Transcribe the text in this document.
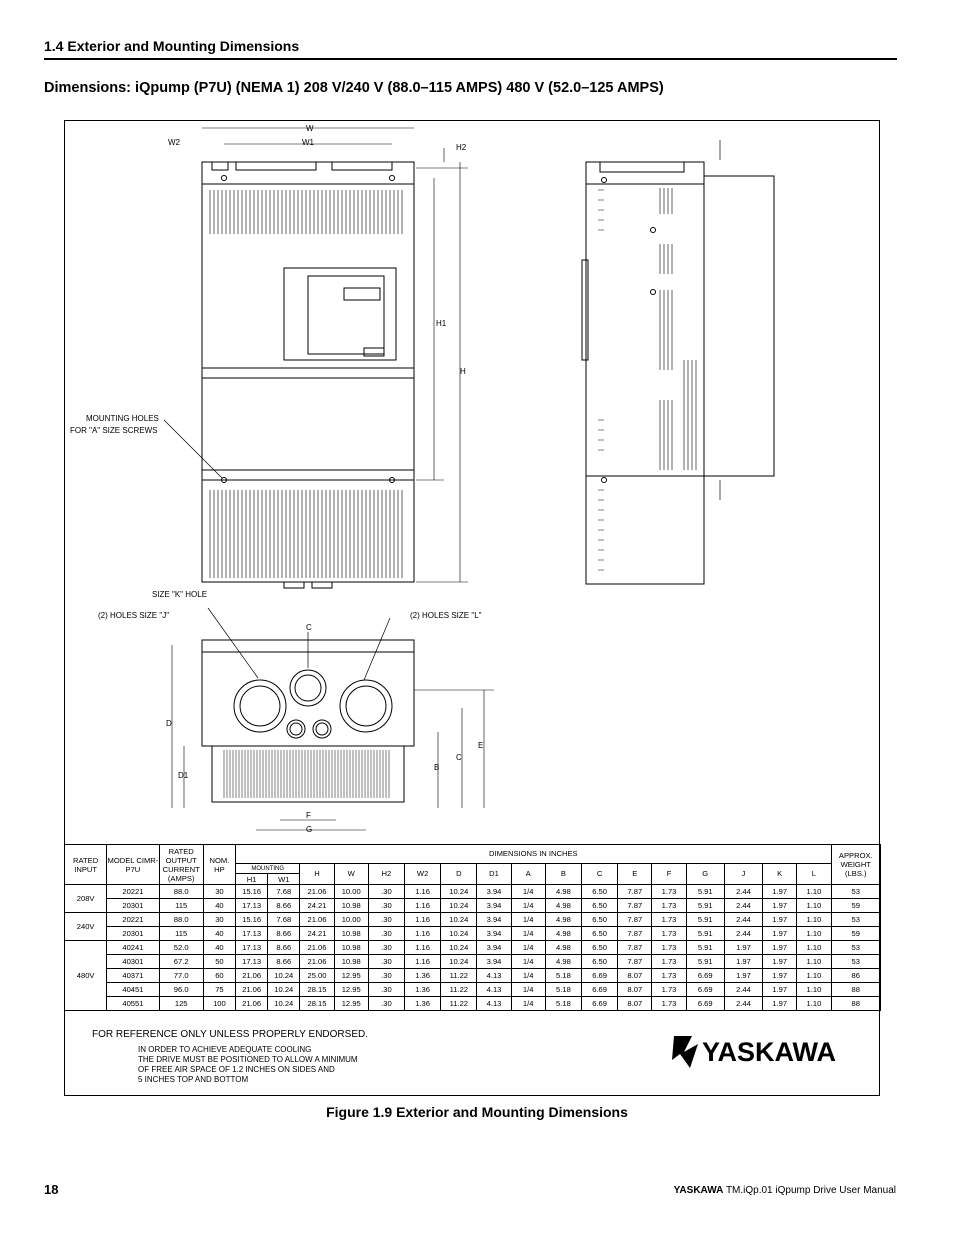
1.4 Exterior and Mounting Dimensions
Dimensions: iQpump (P7U) (NEMA 1) 208 V/240 V (88.0–115 AMPS) 480 V (52.0–125 AMPS)
W
W1
W2
H2
H1
H
MOUNTING HOLES
FOR "A" SIZE SCREWS
SIZE "K" HOLE
(2) HOLES SIZE "J"	(2) HOLES SIZE "L"
C
D
D1
B
C
E
F
G
RATED INPUT	MODEL CIMR-P7U	RATED OUTPUT CURRENT (AMPS)	NOM. HP	DIMENSIONS IN INCHES																	APPROX. WEIGHT (LBS.)
				MOUNTING		H	W	H2	W2	D	D1	A	B	C	E	F	G	J	K	L	
				H1	W1																
208V	20221	88.0	30	15.16	7.68	21.06	10.00	.30	1.16	10.24	3.94	1/4	4.98	6.50	7.87	1.73	5.91	2.44	1.97	1.10	53
	20301	115	40	17.13	8.66	24.21	10.98	.30	1.16	10.24	3.94	1/4	4.98	6.50	7.87	1.73	5.91	2.44	1.97	1.10	59
240V	20221	88.0	30	15.16	7.68	21.06	10.00	.30	1.16	10.24	3.94	1/4	4.98	6.50	7.87	1.73	5.91	2.44	1.97	1.10	53
	20301	115	40	17.13	8.66	24.21	10.98	.30	1.16	10.24	3.94	1/4	4.98	6.50	7.87	1.73	5.91	2.44	1.97	1.10	59
480V	40241	52.0	40	17.13	8.66	21.06	10.98	.30	1.16	10.24	3.94	1/4	4.98	6.50	7.87	1.73	5.91	1.97	1.97	1.10	53
	40301	67.2	50	17.13	8.66	21.06	10.98	.30	1.16	10.24	3.94	1/4	4.98	6.50	7.87	1.73	5.91	1.97	1.97	1.10	53
	40371	77.0	60	21.06	10.24	25.00	12.95	.30	1.36	11.22	4.13	1/4	5.18	6.69	8.07	1.73	6.69	1.97	1.97	1.10	86
	40451	96.0	75	21.06	10.24	28.15	12.95	.30	1.36	11.22	4.13	1/4	5.18	6.69	8.07	1.73	6.69	2.44	1.97	1.10	88
	40551	125	100	21.06	10.24	28.15	12.95	.30	1.36	11.22	4.13	1/4	5.18	6.69	8.07	1.73	6.69	2.44	1.97	1.10	88
FOR REFERENCE ONLY UNLESS PROPERLY ENDORSED.
IN ORDER TO ACHIEVE ADEQUATE COOLING
THE DRIVE MUST BE POSITIONED TO ALLOW A MINIMUM
OF FREE AIR SPACE OF 1.2 INCHES ON SIDES AND
5 INCHES TOP AND BOTTOM
YASKAWA
Figure 1.9 Exterior and Mounting Dimensions
18	YASKAWA TM.iQp.01 iQpump Drive User Manual
